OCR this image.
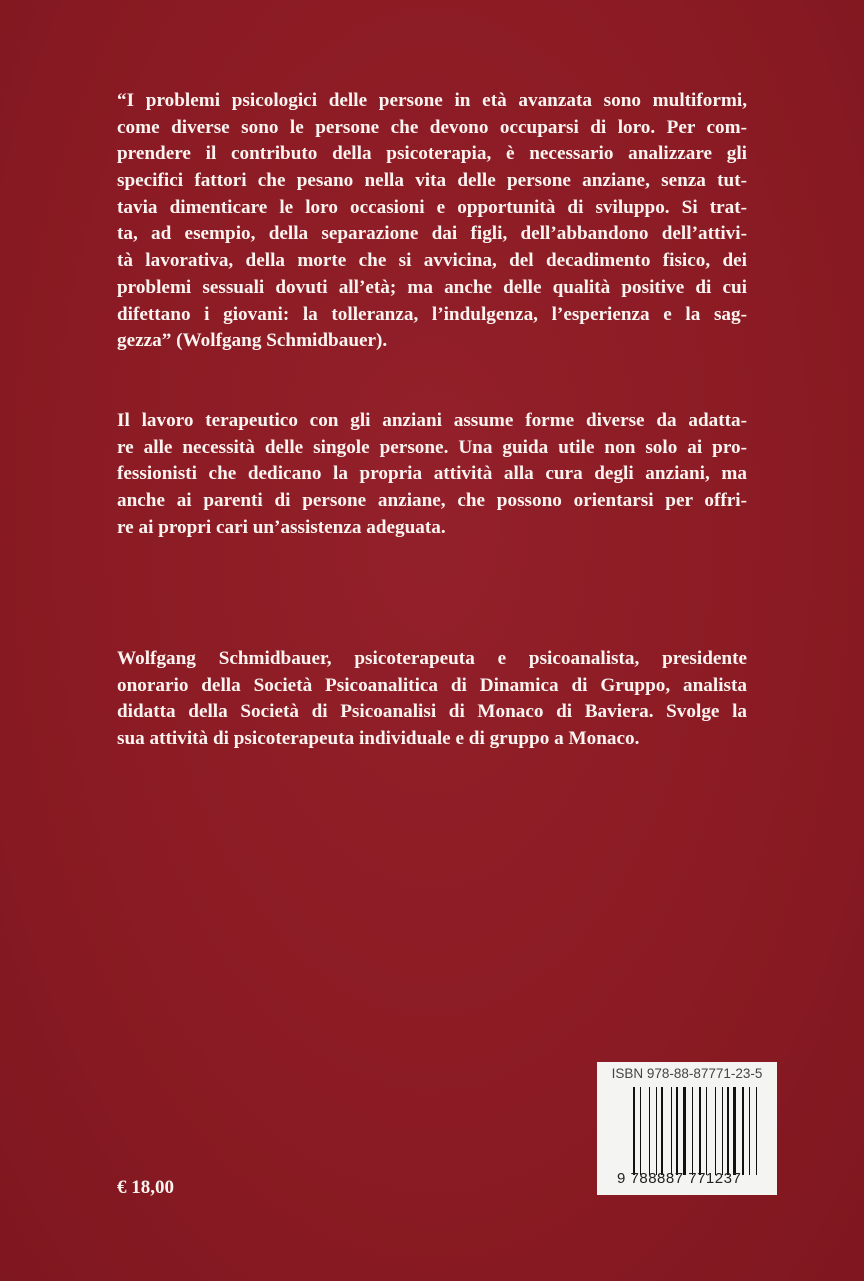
“I problemi psicologici delle persone in età avanzata sono multiformi,
come diverse sono le persone che devono occuparsi di loro. Per com-
prendere il contributo della psicoterapia, è necessario analizzare gli
specifici fattori che pesano nella vita delle persone anziane, senza tut-
tavia dimenticare le loro occasioni e opportunità di sviluppo. Si trat-
ta, ad esempio, della separazione dai figli, dell’abbandono dell’attivi-
tà lavorativa, della morte che si avvicina, del decadimento fisico, dei
problemi sessuali dovuti all’età; ma anche delle qualità positive di cui
difettano i giovani: la tolleranza, l’indulgenza, l’esperienza e la sag-
gezza” (Wolfgang Schmidbauer).
Il lavoro terapeutico con gli anziani assume forme diverse da adatta-
re alle necessità delle singole persone. Una guida utile non solo ai pro-
fessionisti che dedicano la propria attività alla cura degli anziani, ma
anche ai parenti di persone anziane, che possono orientarsi per offri-
re ai propri cari un’assistenza adeguata.
Wolfgang Schmidbauer, psicoterapeuta e psicoanalista, presidente
onorario della Società Psicoanalitica di Dinamica di Gruppo, analista
didatta della Società di Psicoanalisi di Monaco di Baviera. Svolge la
sua attività di psicoterapeuta individuale e di gruppo a Monaco.
€ 18,00
ISBN 978-88-87771-23-5
9 788887 771237
